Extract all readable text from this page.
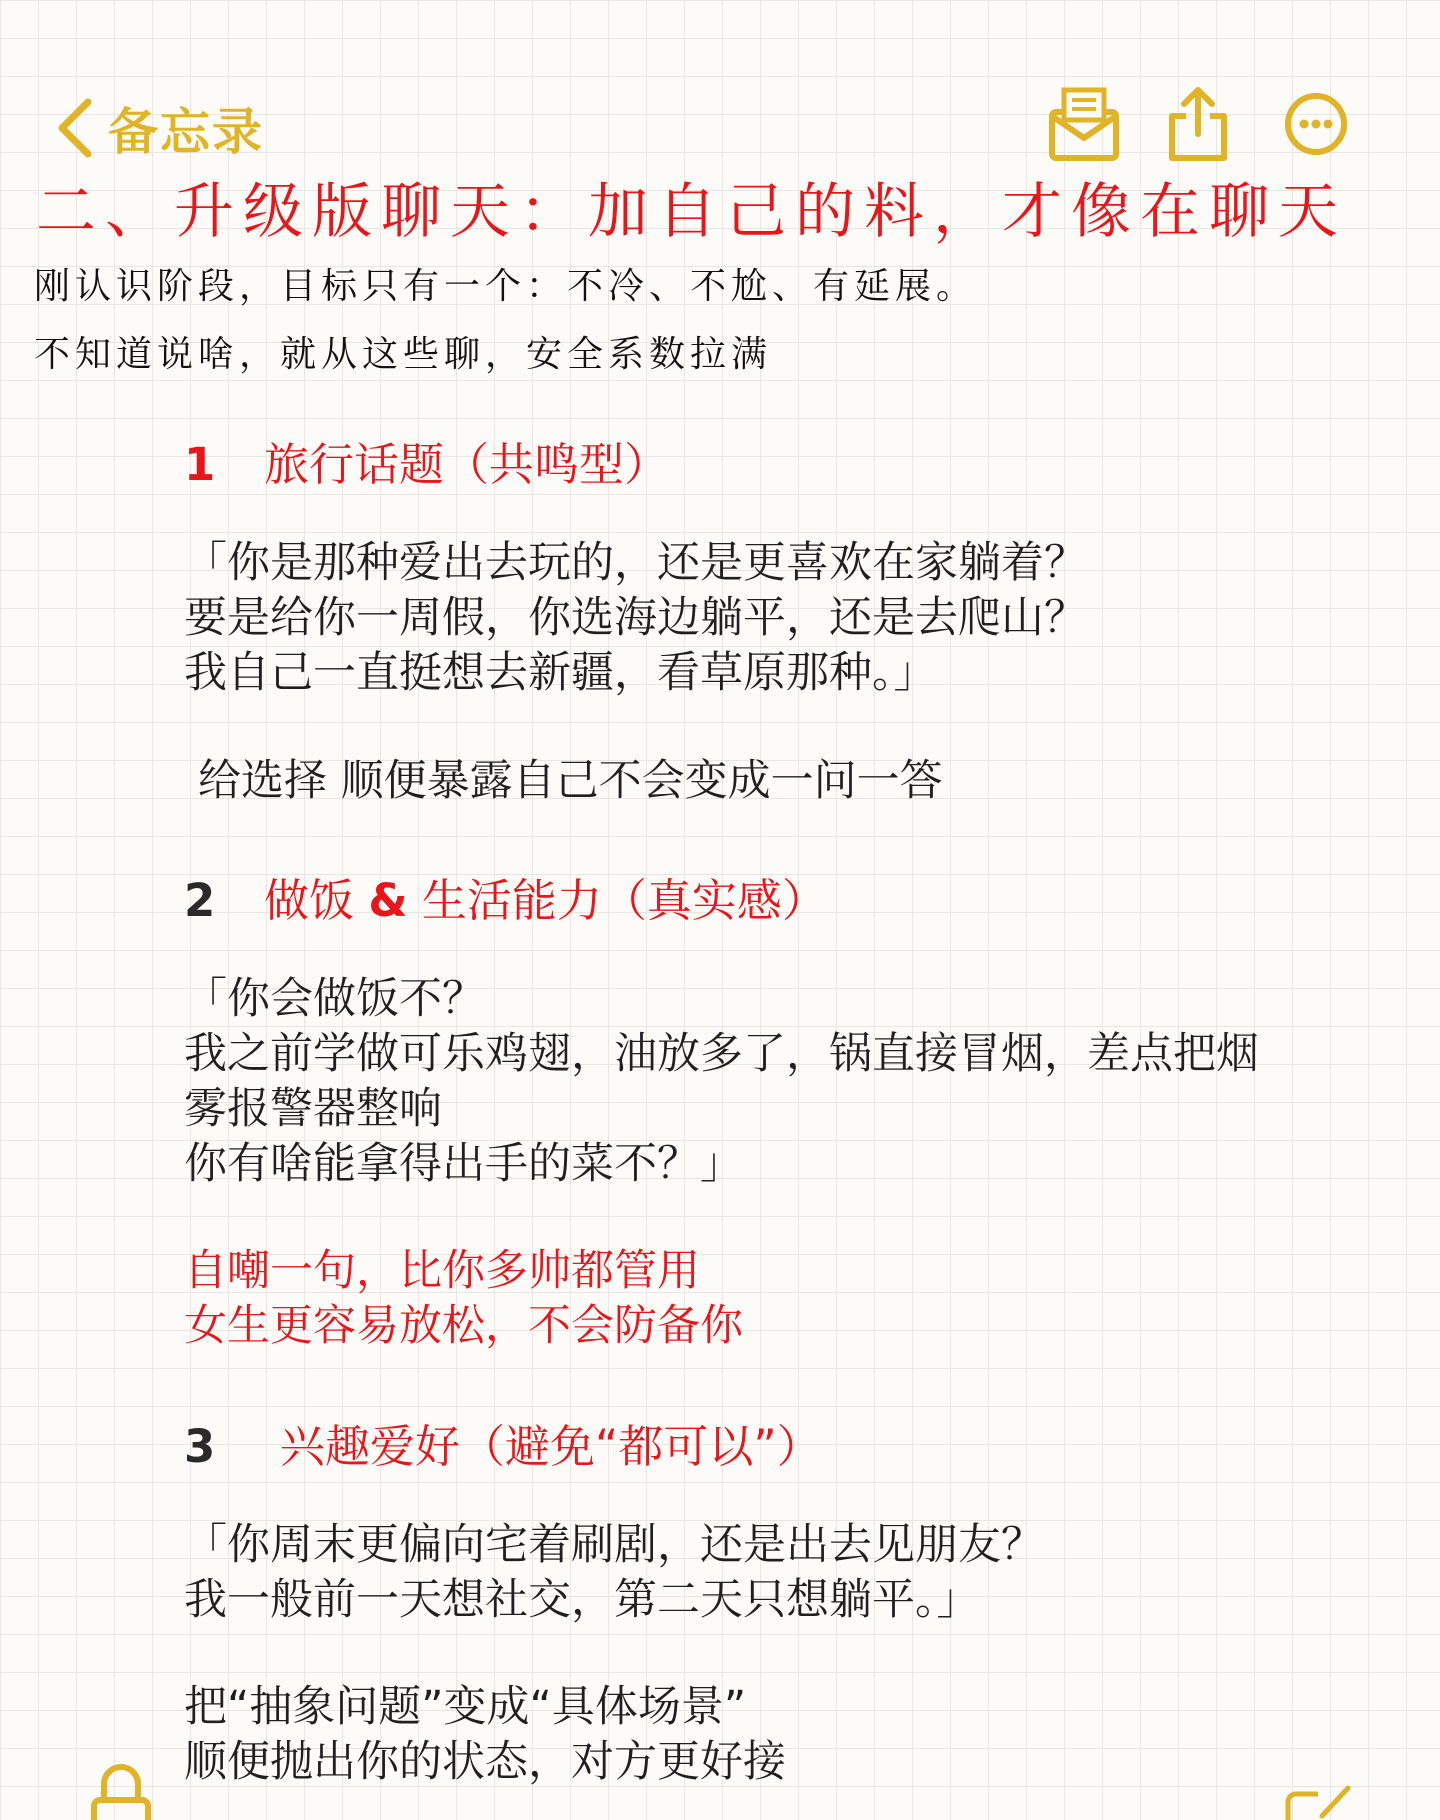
备忘录
二、升级版聊天：加自己的料，才像在聊天
刚认识阶段，目标只有一个：不冷、不尬、有延展。
不知道说啥，就从这些聊，安全系数拉满
1	旅行话题（共鸣型）
「你是那种爱出去玩的，还是更喜欢在家躺着？
要是给你一周假，你选海边躺平，还是去爬山？
我自己一直挺想去新疆，看草原那种。」
给选择 顺便暴露自己不会变成一问一答
2	做饭 & 生活能力（真实感）
「你会做饭不？
我之前学做可乐鸡翅，油放多了，锅直接冒烟，差点把烟
雾报警器整响
你有啥能拿得出手的菜不？」
自嘲一句，比你多帅都管用
女生更容易放松，不会防备你
3	兴趣爱好（避免“都可以”）
「你周末更偏向宅着刷剧，还是出去见朋友？
我一般前一天想社交，第二天只想躺平。」
把“抽象问题”变成“具体场景”
顺便抛出你的状态，对方更好接
